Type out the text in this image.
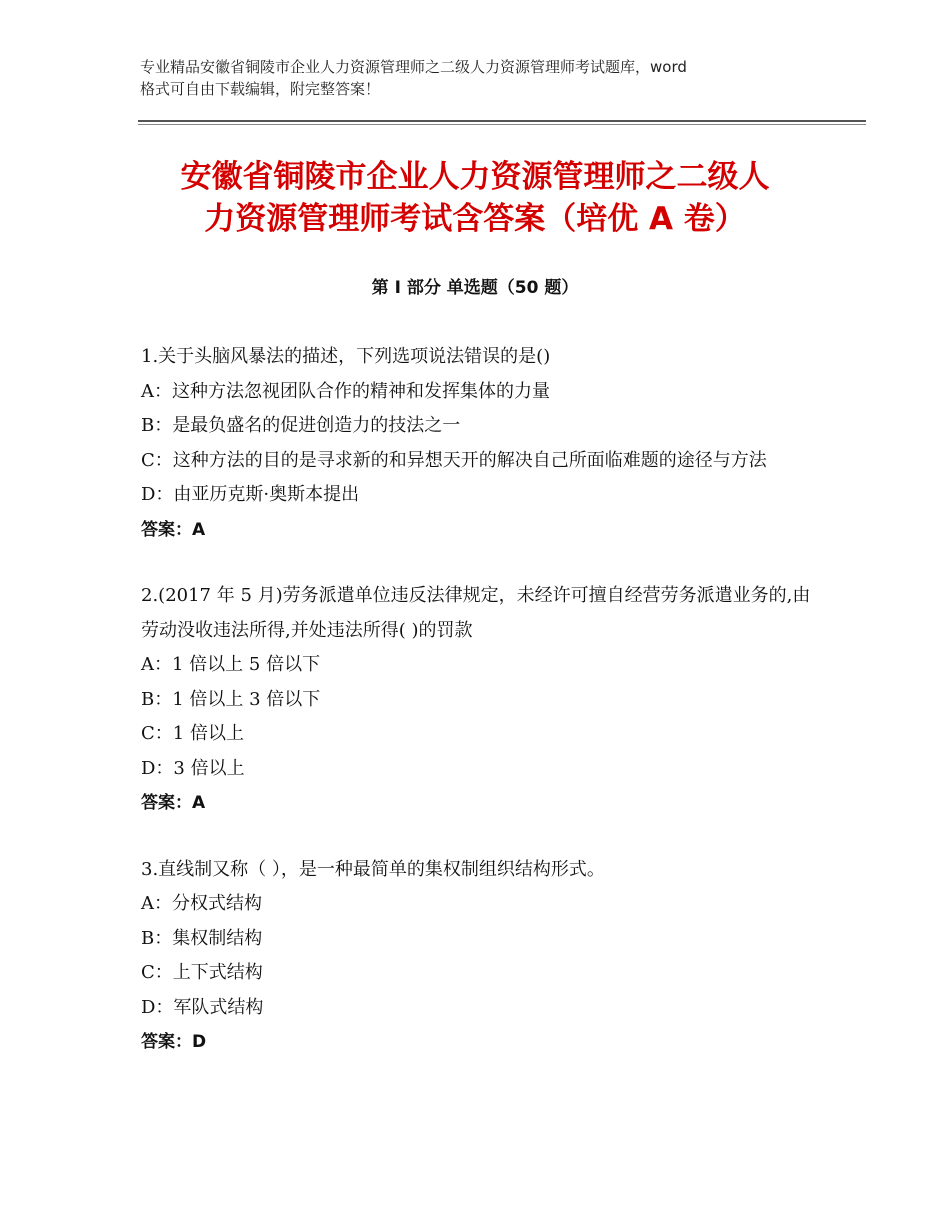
专业精品安徽省铜陵市企业人力资源管理师之二级人力资源管理师考试题库，word
格式可自由下载编辑，附完整答案！
安徽省铜陵市企业人力资源管理师之二级人
力资源管理师考试含答案（培优 A 卷）
第 I 部分 单选题（50 题）
1.关于头脑风暴法的描述，下列选项说法错误的是()
A：这种方法忽视团队合作的精神和发挥集体的力量
B：是最负盛名的促进创造力的技法之一
C：这种方法的目的是寻求新的和异想天开的解决自己所面临难题的途径与方法
D：由亚历克斯·奥斯本提出
答案：A
2.(2017 年 5 月)劳务派遣单位违反法律规定，未经许可擅自经营劳务派遣业务的,由劳动没收违法所得,并处违法所得( )的罚款
A：1 倍以上 5 倍以下
B：1 倍以上 3 倍以下
C：1 倍以上
D：3 倍以上
答案：A
3.直线制又称（ ），是一种最简单的集权制组织结构形式。
A：分权式结构
B：集权制结构
C：上下式结构
D：军队式结构
答案：D
